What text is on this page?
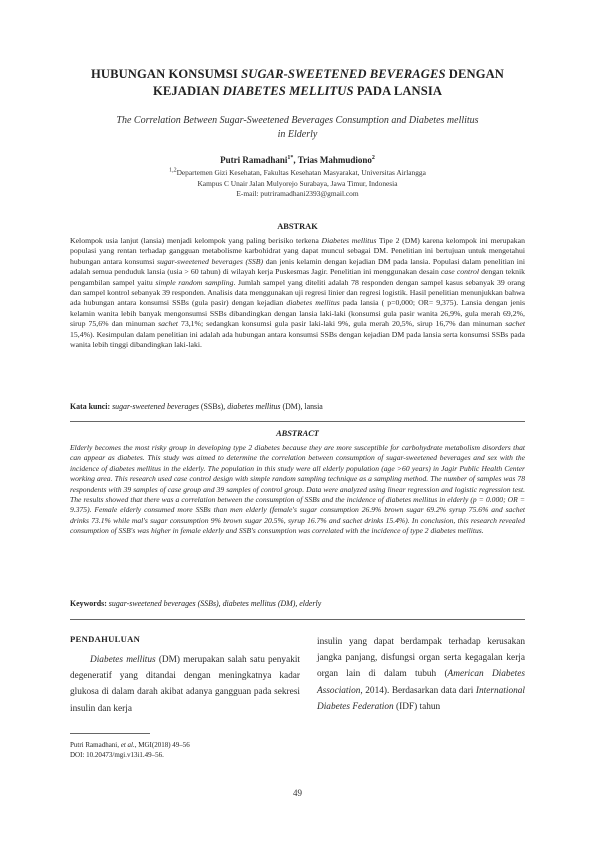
HUBUNGAN KONSUMSI SUGAR-SWEETENED BEVERAGES DENGAN
KEJADIAN DIABETES MELLITUS PADA LANSIA
The Correlation Between Sugar-Sweetened Beverages Consumption and Diabetes mellitus
in Elderly
Putri Ramadhani$^{1*}$, Trias Mahmudiono$^2$
$^{1,2}$Departemen Gizi Kesehatan, Fakultas Kesehatan Masyarakat, Universitas Airlangga
Kampus C Unair Jalan Mulyorejo Surabaya, Jawa Timur, Indonesia
E-mail: putriramadhani2393@gmail.com
ABSTRAK
Kelompok usia lanjut (lansia) menjadi kelompok yang paling berisiko terkena Diabetes mellitus Tipe 2 (DM) karena kelompok ini merupakan populasi yang rentan terhadap gangguan metabolisme karbohidrat yang dapat muncul sebagai DM. Penelitian ini bertujuan untuk mengetahui hubungan antara konsumsi sugar-sweetened beverages (SSB) dan jenis kelamin dengan kejadian DM pada lansia. Populasi dalam penelitian ini adalah semua penduduk lansia (usia > 60 tahun) di wilayah kerja Puskesmas Jagir. Penelitian ini menggunakan desain case control dengan teknik pengambilan sampel yaitu simple random sampling. Jumlah sampel yang diteliti adalah 78 responden dengan sampel kasus sebanyak 39 orang dan sampel kontrol sebanyak 39 responden. Analisis data menggunakan uji regresi linier dan regresi logistik. Hasil penelitian menunjukkan bahwa ada hubungan antara konsumsi SSBs (gula pasir) dengan kejadian diabetes mellitus pada lansia ( p=0,000; OR= 9,375). Lansia dengan jenis kelamin wanita lebih banyak mengonsumsi SSBs dibandingkan dengan lansia laki-laki (konsumsi gula pasir wanita 26,9%, gula merah 69,2%, sirup 75,6% dan minuman sachet 73,1%; sedangkan konsumsi gula pasir laki-laki 9%, gula merah 20,5%, sirup 16,7% dan minuman sachet 15,4%). Kesimpulan dalam penelitian ini adalah ada hubungan antara konsumsi SSBs dengan kejadian DM pada lansia serta konsumsi SSBs pada wanita lebih tinggi dibandingkan laki-laki.
Kata kunci: sugar-sweetened beverages (SSBs), diabetes mellitus (DM), lansia
ABSTRACT
Elderly becomes the most risky group in developing type 2 diabetes because they are more susceptible for carbohydrate metabolism disorders that can appear as diabetes. This study was aimed to determine the correlation between consumption of sugar-sweetened beverages and sex with the incidence of diabetes mellitus in the elderly. The population in this study were all elderly population (age >60 years) in Jagir Public Health Center working area. This research used case control design with simple random sampling technique as a sampling method. The number of samples was 78 respondents with 39 samples of case group and 39 samples of control group. Data were analyzed using linear regression and logistic regression test. The results showed that there was a correlation between the consumption of SSBs and the incidence of diabetes mellitus in elderly (p = 0.000; OR = 9.375). Female elderly consumed more SSBs than men elderly (female's sugar consumption 26.9% brown sugar 69.2% syrup 75.6% and sachet drinks 73.1% while mal's sugar consumption 9% brown sugar 20.5%, syrup 16.7% and sachet drinks 15.4%). In conclusion, this research revealed consumption of SSB's was higher in female elderly and SSB's consumption was correlated with the incidence of type 2 diabetes mellitus.
Keywords: sugar-sweetened beverages (SSBs), diabetes mellitus (DM), elderly
PENDAHULUAN
Diabetes mellitus (DM) merupakan salah satu penyakit degeneratif yang ditandai dengan meningkatnya kadar glukosa di dalam darah akibat adanya gangguan pada sekresi insulin dan kerja
insulin yang dapat berdampak terhadap kerusakan jangka panjang, disfungsi organ serta kegagalan kerja organ lain di dalam tubuh (American Diabetes Association, 2014). Berdasarkan data dari International Diabetes Federation (IDF) tahun
Putri Ramadhani, et al., MGI(2018) 49–56
DOI: 10.20473/mgi.v13i1.49–56.
49
